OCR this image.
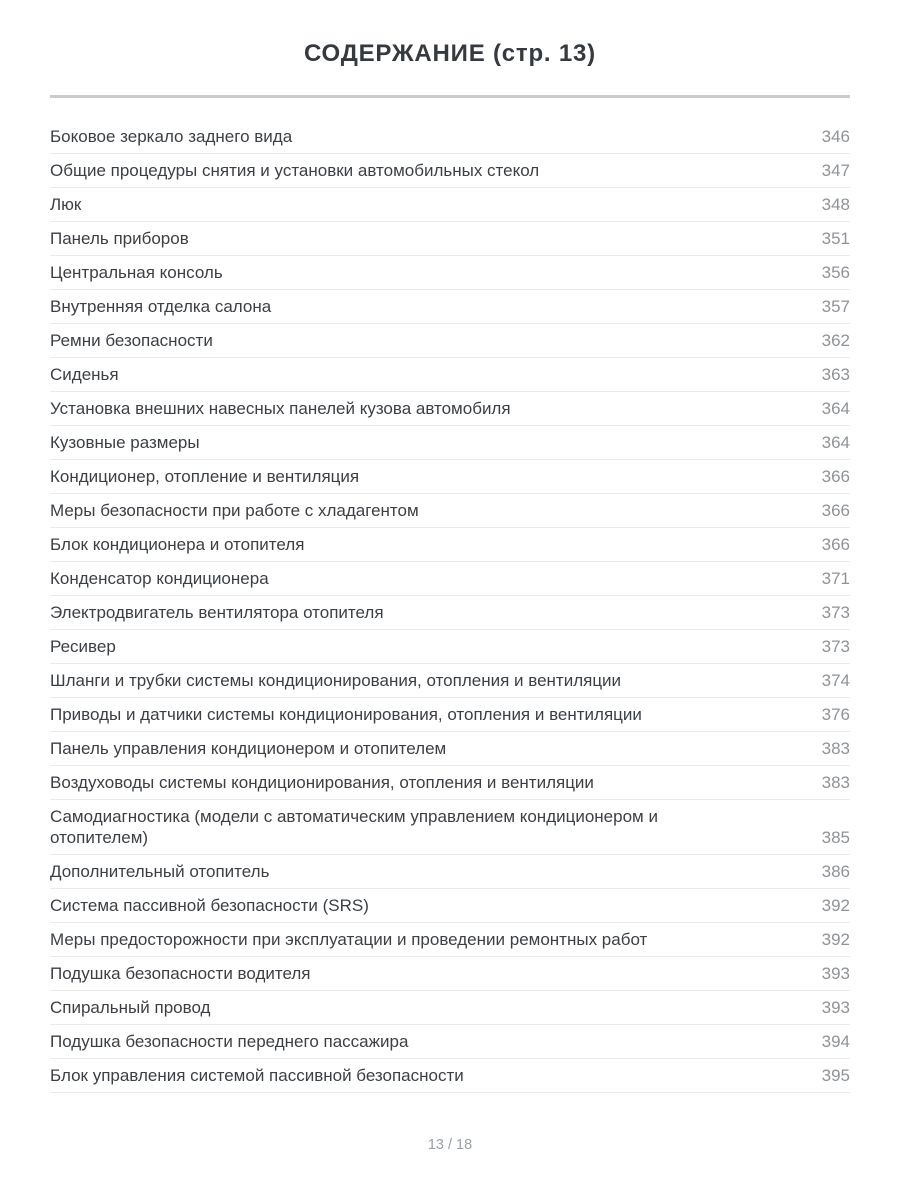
СОДЕРЖАНИЕ (стр. 13)
Боковое зеркало заднего вида	346
Общие процедуры снятия и установки автомобильных стекол	347
Люк	348
Панель приборов	351
Центральная консоль	356
Внутренняя отделка салона	357
Ремни безопасности	362
Сиденья	363
Установка внешних навесных панелей кузова автомобиля	364
Кузовные размеры	364
Кондиционер, отопление и вентиляция	366
Меры безопасности при работе с хладагентом	366
Блок кондиционера и отопителя	366
Конденсатор кондиционера	371
Электродвигатель вентилятора отопителя	373
Ресивер	373
Шланги и трубки системы кондиционирования, отопления и вентиляции	374
Приводы и датчики системы кондиционирования, отопления и вентиляции	376
Панель управления кондиционером и отопителем	383
Воздуховоды системы кондиционирования, отопления и вентиляции	383
Самодиагностика (модели с автоматическим управлением кондиционером и отопителем)	385
Дополнительный отопитель	386
Система пассивной безопасности (SRS)	392
Меры предосторожности при эксплуатации и проведении ремонтных работ	392
Подушка безопасности водителя	393
Спиральный провод	393
Подушка безопасности переднего пассажира	394
Блок управления системой пассивной безопасности	395
13 / 18
